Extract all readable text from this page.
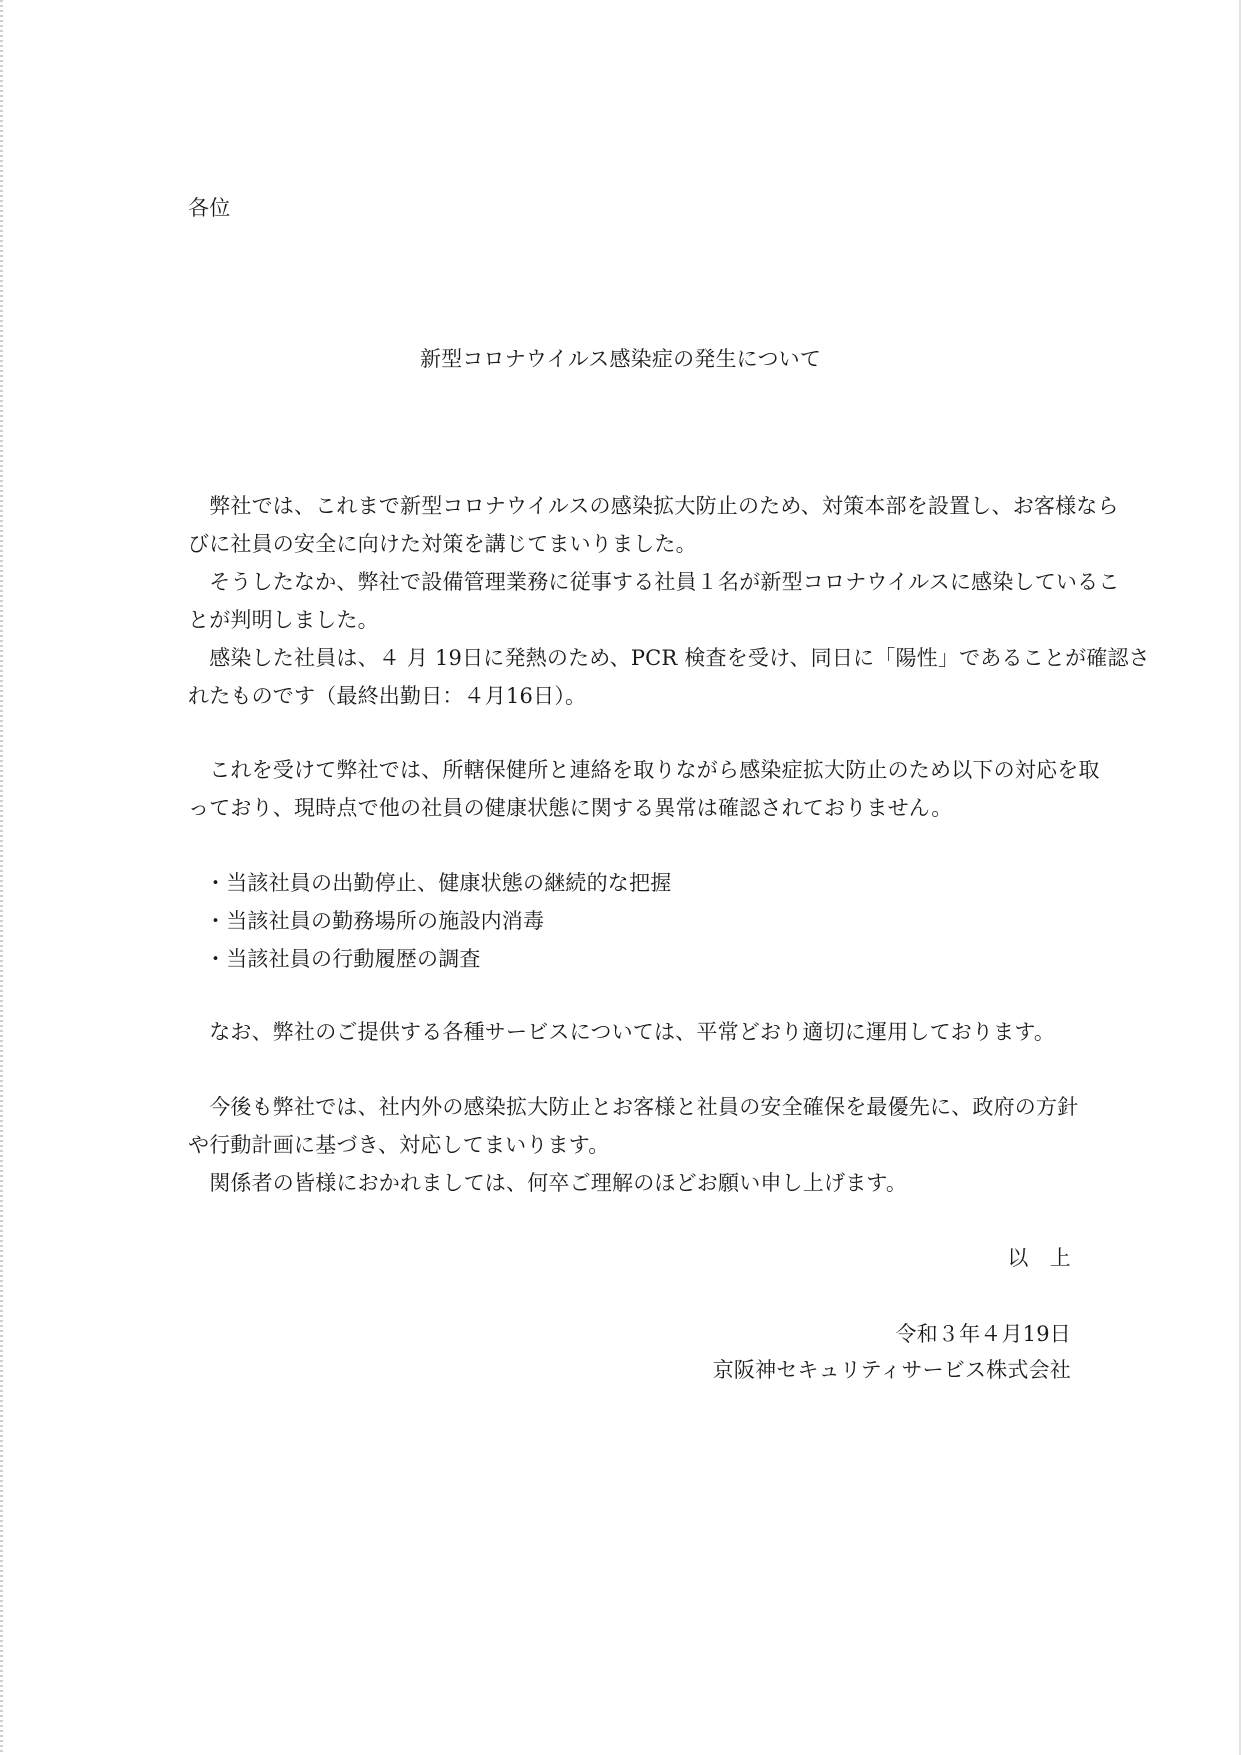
各位
新型コロナウイルス感染症の発生について
　弊社では、これまで新型コロナウイルスの感染拡大防止のため、対策本部を設置し、お客様なら
びに社員の安全に向けた対策を講じてまいりました。
　そうしたなか、弊社で設備管理業務に従事する社員１名が新型コロナウイルスに感染しているこ
とが判明しました。
　感染した社員は、４ 月 19日に発熱のため、PCR 検査を受け、同日に「陽性」であることが確認さ
れたものです（最終出勤日：４月16日）。
　これを受けて弊社では、所轄保健所と連絡を取りながら感染症拡大防止のため以下の対応を取
っており、現時点で他の社員の健康状態に関する異常は確認されておりません。
・当該社員の出勤停止、健康状態の継続的な把握
・当該社員の勤務場所の施設内消毒
・当該社員の行動履歴の調査
　なお、弊社のご提供する各種サービスについては、平常どおり適切に運用しております。
　今後も弊社では、社内外の感染拡大防止とお客様と社員の安全確保を最優先に、政府の方針
や行動計画に基づき、対応してまいります。
　関係者の皆様におかれましては、何卒ご理解のほどお願い申し上げます。
以　上
令和３年４月19日
京阪神セキュリティサービス株式会社
